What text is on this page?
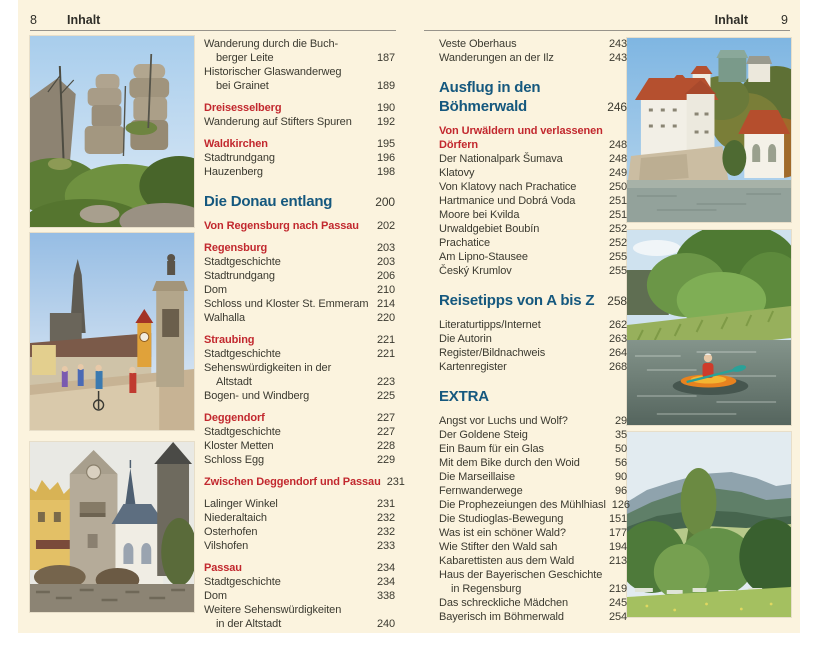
8 Inhalt	Inhalt	9
Wanderung durch die Buch-
berger Leite	187
Historischer Glaswanderweg
bei Grainet	189
Dreisesselberg	190
Wanderung auf Stifters Spuren	192
Waldkirchen	195
Stadtrundgang	196
Hauzenberg	198
Die Donau entlang	200
Von Regensburg nach Passau	202
Regensburg	203
Stadtgeschichte	203
Stadtrundgang	206
Dom	210
Schloss und Kloster St. Emmeram 214
Walhalla	220
Straubing	221
Stadtgeschichte	221
Sehenswürdigkeiten in der
Altstadt	223
Bogen- und Windberg	225
Deggendorf	227
Stadtgeschichte	227
Kloster Metten	228
Schloss Egg	229
Zwischen Deggendorf und Passau 231
Lalinger Winkel	231
Niederaltaich	232
Osterhofen	232
Vilshofen	233
Passau	234
Stadtgeschichte	234
Dom	338
Weitere Sehenswürdigkeiten
in der Altstadt	240
Veste Oberhaus	243
Wanderungen an der Ilz	243
Ausflug in den
Böhmerwald	246
Von Urwäldern und verlassenen
Dörfern	248
Der Nationalpark Šumava	248
Klatovy	249
Von Klatovy nach Prachatice	250
Hartmanice und Dobrá Voda	251
Moore bei Kvilda	251
Urwaldgebiet Boubín	252
Prachatice	252
Am Lipno-Stausee	255
Český Krumlov	255
Reisetipps von A bis Z	258
Literaturtipps/Internet	262
Die Autorin	263
Register/Bildnachweis	264
Kartenregister	268
EXTRA
Angst vor Luchs und Wolf?	29
Der Goldene Steig	35
Ein Baum für ein Glas	50
Mit dem Bike durch den Woid	56
Die Marseillaise	90
Fernwanderwege	96
Die Prophezeiungen des Mühlhiasl 126
Die Studioglas-Bewegung	151
Was ist ein schöner Wald?	177
Wie Stifter den Wald sah	194
Kabarettisten aus dem Wald	213
Haus der Bayerischen Geschichte
in Regensburg	219
Das schreckliche Mädchen	245
Bayerisch im Böhmerwald	254
